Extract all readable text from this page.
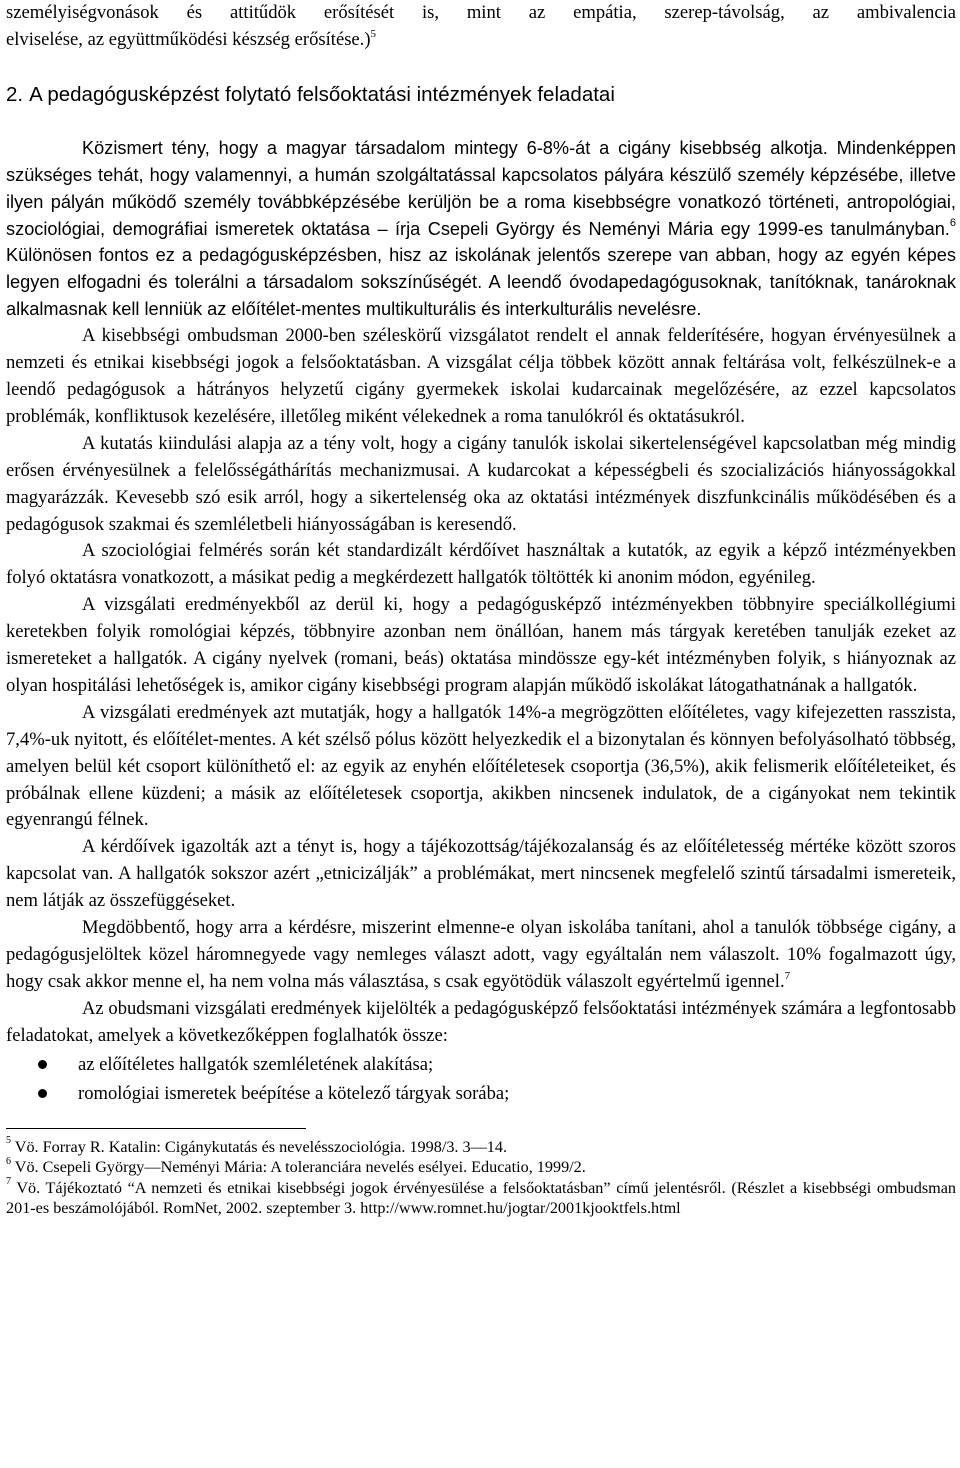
személyiségvonások és attitűdök erősítését is, mint az empátia, szerep-távolság, az ambivalencia

elviselése, az együttműködési készség erősítése.)$^5$

2. A pedagógusképzést folytató felsőoktatási intézmények feladatai

Közismert tény, hogy a magyar társadalom mintegy 6-8%-át a cigány kisebbség alkotja. Mindenképpen szükséges tehát, hogy valamennyi, a humán szolgáltatással kapcsolatos pályára készülő személy képzésébe, illetve ilyen pályán működő személy továbbképzésébe kerüljön be a roma kisebbségre vonatkozó történeti, antropológiai, szociológiai, demográfiai ismeretek oktatása – írja Csepeli György és Neményi Mária egy 1999-es tanulmányban.$^6$ Különösen fontos ez a pedagógusképzésben, hisz az iskolának jelentős szerepe van abban, hogy az egyén képes legyen elfogadni és tolerálni a társadalom sokszínűségét. A leendő óvodapedagógusoknak, tanítóknak, tanároknak alkalmasnak kell lenniük az előítélet-mentes multikulturális és interkulturális nevelésre.

A kisebbségi ombudsman 2000-ben széleskörű vizsgálatot rendelt el annak felderítésére, hogyan érvényesülnek a nemzeti és etnikai kisebbségi jogok a felsőoktatásban. A vizsgálat célja többek között annak feltárása volt, felkészülnek-e a leendő pedagógusok a hátrányos helyzetű cigány gyermekek iskolai kudarcainak megelőzésére, az ezzel kapcsolatos problémák, konfliktusok kezelésére, illetőleg miként vélekednek a roma tanulókról és oktatásukról.

A kutatás kiindulási alapja az a tény volt, hogy a cigány tanulók iskolai sikertelenségével kapcsolatban még mindig erősen érvényesülnek a felelősségáthárítás mechanizmusai. A kudarcokat a képességbeli és szocializációs hiányosságokkal magyarázzák. Kevesebb szó esik arról, hogy a sikertelenség oka az oktatási intézmények diszfunkcinális működésében és a pedagógusok szakmai és szemléletbeli hiányosságában is keresendő.

A szociológiai felmérés során két standardizált kérdőívet használtak a kutatók, az egyik a képző intézményekben folyó oktatásra vonatkozott, a másikat pedig a megkérdezett hallgatók töltötték ki anonim módon, egyénileg.

A vizsgálati eredményekből az derül ki, hogy a pedagógusképző intézményekben többnyire speciálkollégiumi keretekben folyik romológiai képzés, többnyire azonban nem önállóan, hanem más tárgyak keretében tanulják ezeket az ismereteket a hallgatók. A cigány nyelvek (romani, beás) oktatása mindössze egy-két intézményben folyik, s hiányoznak az olyan hospitálási lehetőségek is, amikor cigány kisebbségi program alapján működő iskolákat látogathatnának a hallgatók.

A vizsgálati eredmények azt mutatják, hogy a hallgatók 14%-a megrögzötten előítéletes, vagy kifejezetten rasszista, 7,4%-uk nyitott, és előítélet-mentes. A két szélső pólus között helyezkedik el a bizonytalan és könnyen befolyásolható többség, amelyen belül két csoport különíthető el: az egyik az enyhén előítéletesek csoportja (36,5%), akik felismerik előítéleteiket, és próbálnak ellene küzdeni; a másik az előítéletesek csoportja, akikben nincsenek indulatok, de a cigányokat nem tekintik egyenrangú félnek.

A kérdőívek igazolták azt a tényt is, hogy a tájékozottság/tájékozalanság és az előítéletesség mértéke között szoros kapcsolat van. A hallgatók sokszor azért „etnicizálják” a problémákat, mert nincsenek megfelelő szintű társadalmi ismereteik, nem látják az összefüggéseket.

Megdöbbentő, hogy arra a kérdésre, miszerint elmenne-e olyan iskolába tanítani, ahol a tanulók többsége cigány, a pedagógusjelöltek közel háromnegyede vagy nemleges választ adott, vagy egyáltalán nem válaszolt. 10% fogalmazott úgy, hogy csak akkor menne el, ha nem volna más választása, s csak egyötödük válaszolt egyértelmű igennel.$^7$

Az obudsmani vizsgálati eredmények kijelölték a pedagógusképző felsőoktatási intézmények számára a legfontosabb feladatokat, amelyek a következőképpen foglalhatók össze:

az előítéletes hallgatók szemléletének alakítása;
romológiai ismeretek beépítése a kötelező tárgyak sorába;

$^5$ Vö. Forray R. Katalin: Cigánykutatás és nevelésszociológia. 1998/3. 3—14.

$^6$ Vö. Csepeli György—Neményi Mária: A toleranciára nevelés esélyei. Educatio, 1999/2.

$^7$ Vö. Tájékoztató “A nemzeti és etnikai kisebbségi jogok érvényesülése a felsőoktatásban” című jelentésről. (Részlet a kisebbségi ombudsman 201-es beszámolójából. RomNet, 2002. szeptember 3. http://www.romnet.hu/jogtar/2001kjooktfels.html
